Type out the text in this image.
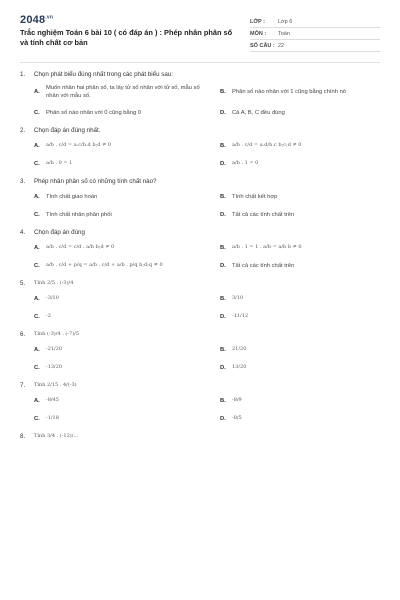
$2048^{.vn}$
Trắc nghiệm Toán 6 bài 10 ( có đáp án ) : Phép nhân phân số và tính chất cơ bản
LỚP :	Lớp 6
MÔN :	Toán
SỐ CÂU : 22
1.	Chọn phát biểu đúng nhất trong các phát biểu sau:
A.
Muốn nhân hai phân số, ta lấy tử số nhân với tử số, mẫu số nhân với mẫu số.
B.	Phân số nào nhân với 1 cũng bằng chính nó
C.	Phân số nào nhân với 0 cũng bằng 0	D.	Cả A, B, C đều đúng
2.	Chọn đáp án đúng nhất.
A.	a/b . c/d = a.c/b.d b;d ≠ 0	B.	a/b . c/d = a.d/b.c b;c;d ≠ 0
C.	a/b . 0 = 1	D.	a/b . 1 = 0
3.	Phép nhân phân số có những tính chất nào?
A.	Tính chất giao hoán	B.	Tính chất kết hợp
C.	Tính chất nhân phân phối	D.	Tất cả các tính chất trên
4.	Chọn đáp án đúng
A.	a/b . c/d = c/d . a/b b;d ≠ 0	B.	a/b . 1 = 1 . a/b = a/b b ≠ 0
C.	a/b . c/d + p/q = a/b . c/d + a/b . p/q b;d;q ≠ 0	D.	Tất cả các tính chất trên
5.	Tính 2/5 . (-3)/4
A.	-3/10	B.	3/10
C.	-2	D.	-11/12
6.	Tính (-3)/4 . (-7)/5
A.	-21/20	B.	21/20
C.	-13/20	D.	13/20
7.	Tính 2/15 . 4/(-3)
A.	-8/45	B.	-8/9
C.	-1/18	D.	-8/5
8.	Tính 3/4 . (-12)/...
